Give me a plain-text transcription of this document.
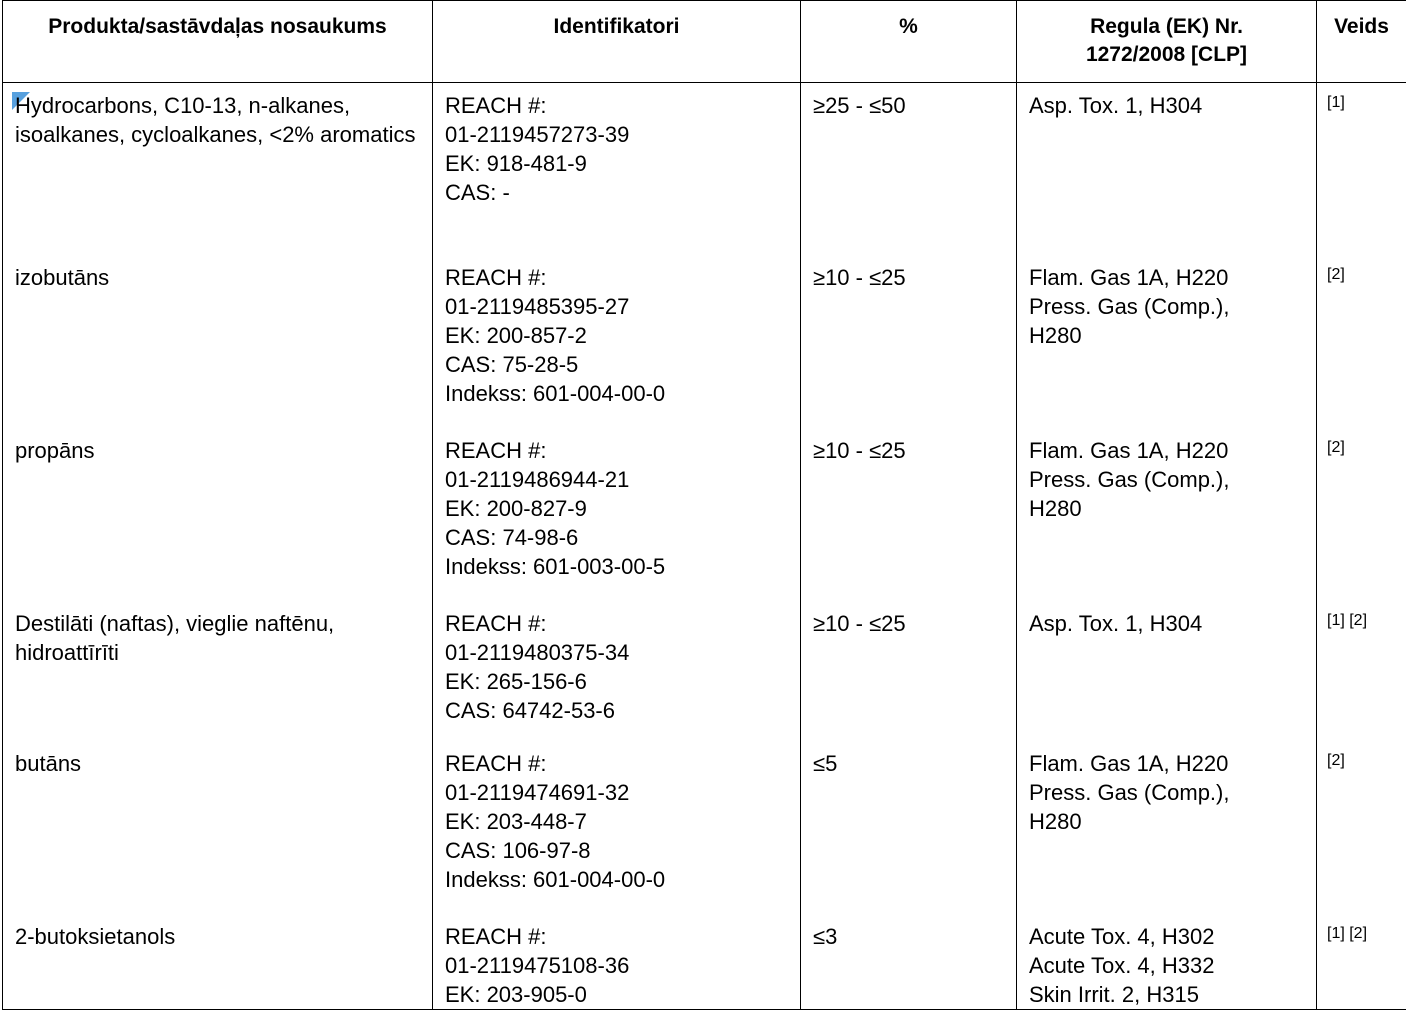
Produkta/sastāvdaļas nosaukums	Identifikatori	%	Regula (EK) Nr. 1272/2008 [CLP]	Veids

Hydrocarbons, C10-13, n-alkanes, isoalkanes, cycloalkanes, <2% aromatics	REACH #:
01-2119457273-39
EK: 918-481-9
CAS: -	≥25 - ≤50	Asp. Tox. 1, H304	[1]

izobutāns	REACH #:
01-2119485395-27
EK: 200-857-2
CAS: 75-28-5
Indekss: 601-004-00-0	≥10 - ≤25	Flam. Gas 1A, H220
Press. Gas (Comp.),
H280	[2]

propāns	REACH #:
01-2119486944-21
EK: 200-827-9
CAS: 74-98-6
Indekss: 601-003-00-5	≥10 - ≤25	Flam. Gas 1A, H220
Press. Gas (Comp.),
H280	[2]

Destilāti (naftas), vieglie naftēnu, hidroattīrīti	REACH #:
01-2119480375-34
EK: 265-156-6
CAS: 64742-53-6	≥10 - ≤25	Asp. Tox. 1, H304	[1] [2]

butāns	REACH #:
01-2119474691-32
EK: 203-448-7
CAS: 106-97-8
Indekss: 601-004-00-0	≤5	Flam. Gas 1A, H220
Press. Gas (Comp.),
H280	[2]

2-butoksietanols	REACH #:
01-2119475108-36
EK: 203-905-0	≤3	Acute Tox. 4, H302
Acute Tox. 4, H332
Skin Irrit. 2, H315	[1] [2]
